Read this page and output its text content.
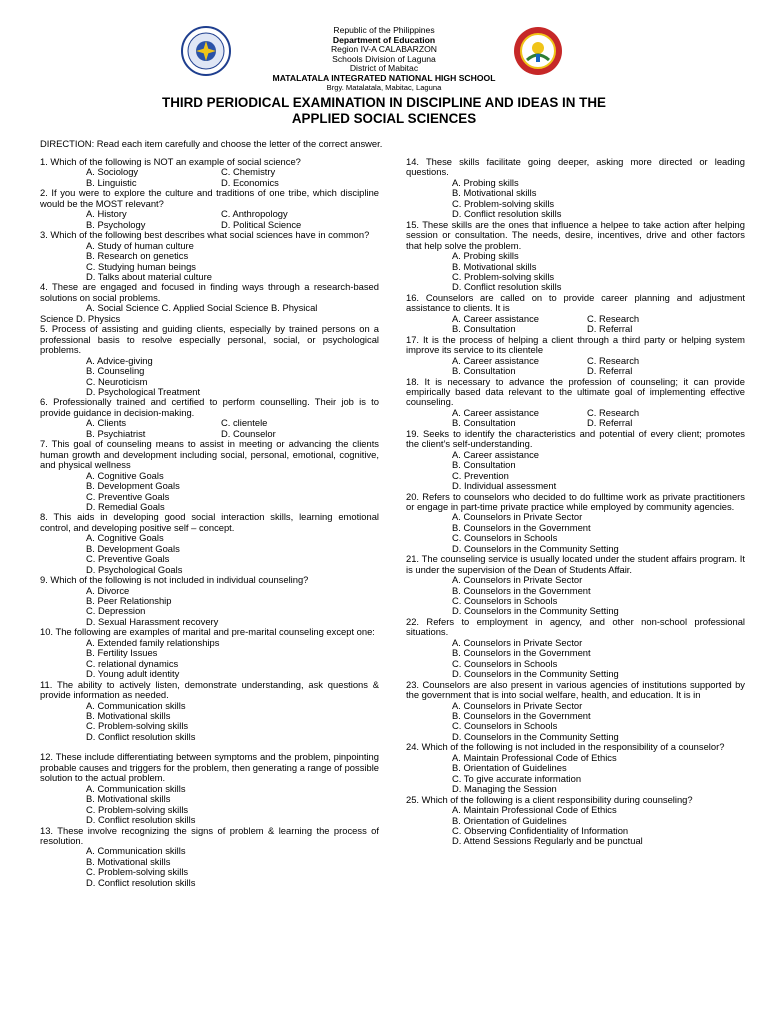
Republic of the Philippines
Department of Education
Region IV-A CALABARZON
Schools Division of Laguna
District of Mabitac
MATALATALA INTEGRATED NATIONAL HIGH SCHOOL
Brgy. Matalatala, Mabitac, Laguna
THIRD PERIODICAL EXAMINATION IN DISCIPLINE AND IDEAS IN THE
APPLIED SOCIAL SCIENCES
DIRECTION: Read each item carefully and choose the letter of the correct answer.
1. Which of the following is NOT an example of social science?
A. Sociology	C. Chemistry
B. Linguistic	D. Economics
2. If you were to explore the culture and traditions of one tribe, which discipline would be the MOST relevant?
A. History	C. Anthropology
B. Psychology	D. Political Science
3. Which of the following best describes what social sciences have in common?
A. Study of human culture
B. Research on genetics
C. Studying human beings
D. Talks about material culture
4. These are engaged and focused in finding ways through a research-based solutions on social problems.
A. Social Science C. Applied Social Science B. Physical
Science D. Physics
5. Process of assisting and guiding clients, especially by trained persons on a professional basis to resolve especially personal, social, or psychological problems.
A. Advice-giving
B. Counseling
C. Neuroticism
D. Psychological Treatment
6. Professionally trained and certified to perform counselling. Their job is to provide guidance in decision-making.
A. Clients	C. clientele
B. Psychiatrist	D. Counselor
7. This goal of counseling means to assist in meeting or advancing the clients human growth and development including social, personal, emotional, cognitive, and physical wellness
A. Cognitive Goals
B. Development Goals
C. Preventive Goals
D. Remedial Goals
8. This aids in developing good social interaction skills, learning emotional control, and developing positive self – concept.
A. Cognitive Goals
B. Development Goals
C. Preventive Goals
D. Psychological Goals
9. Which of the following is not included in individual counseling?
A. Divorce
B. Peer Relationship
C. Depression
D. Sexual Harassment recovery
10. The following are examples of marital and pre-marital counseling except one:
A. Extended family relationships
B. Fertility Issues
C. relational dynamics
D. Young adult identity
11. The ability to actively listen, demonstrate understanding, ask questions & provide information as needed.
A. Communication skills
B. Motivational skills
C. Problem-solving skills
D. Conflict resolution skills
12. These include differentiating between symptoms and the problem, pinpointing probable causes and triggers for the problem, then generating a range of possible solution to the actual problem.
A. Communication skills
B. Motivational skills
C. Problem-solving skills
D. Conflict resolution skills
13. These involve recognizing the signs of problem & learning the process of resolution.
A. Communication skills
B. Motivational skills
C. Problem-solving skills
D. Conflict resolution skills
14. These skills facilitate going deeper, asking more directed or leading questions.
A. Probing skills
B. Motivational skills
C. Problem-solving skills
D. Conflict resolution skills
15. These skills are the ones that influence a helpee to take action after helping session or consultation. The needs, desire, incentives, drive and other factors that help solve the problem.
A. Probing skills
B. Motivational skills
C. Problem-solving skills
D. Conflict resolution skills
16. Counselors are called on to provide career planning and adjustment assistance to clients. It is
A. Career assistance	C. Research
B. Consultation	D. Referral
17. It is the process of helping a client through a third party or helping system improve its service to its clientele
A. Career assistance	C. Research
B. Consultation	D. Referral
18. It is necessary to advance the profession of counseling; it can provide empirically based data relevant to the ultimate goal of implementing effective counseling.
A. Career assistance	C. Research
B. Consultation	D. Referral
19. Seeks to identify the characteristics and potential of every client; promotes the client’s self-understanding.
A. Career assistance
B. Consultation
C. Prevention
D. Individual assessment
20. Refers to counselors who decided to do fulltime work as private practitioners or engage in part-time private practice while employed by community agencies.
A. Counselors in Private Sector
B. Counselors in the Government
C. Counselors in Schools
D. Counselors in the Community Setting
21. The counseling service is usually located under the student affairs program. It is under the supervision of the Dean of Students Affair.
A. Counselors in Private Sector
B. Counselors in the Government
C. Counselors in Schools
D. Counselors in the Community Setting
22. Refers to employment in agency, and other non-school professional situations.
A. Counselors in Private Sector
B. Counselors in the Government
C. Counselors in Schools
D. Counselors in the Community Setting
23. Counselors are also present in various agencies of institutions supported by the government that is into social welfare, health, and education. It is in
A. Counselors in Private Sector
B. Counselors in the Government
C. Counselors in Schools
D. Counselors in the Community Setting
24. Which of the following is not included in the responsibility of a counselor?
A. Maintain Professional Code of Ethics
B. Orientation of Guidelines
C. To give accurate information
D. Managing the Session
25. Which of the following is a client responsibility during counseling?
A. Maintain Professional Code of Ethics
B. Orientation of Guidelines
C. Observing Confidentiality of Information
D. Attend Sessions Regularly and be punctual
